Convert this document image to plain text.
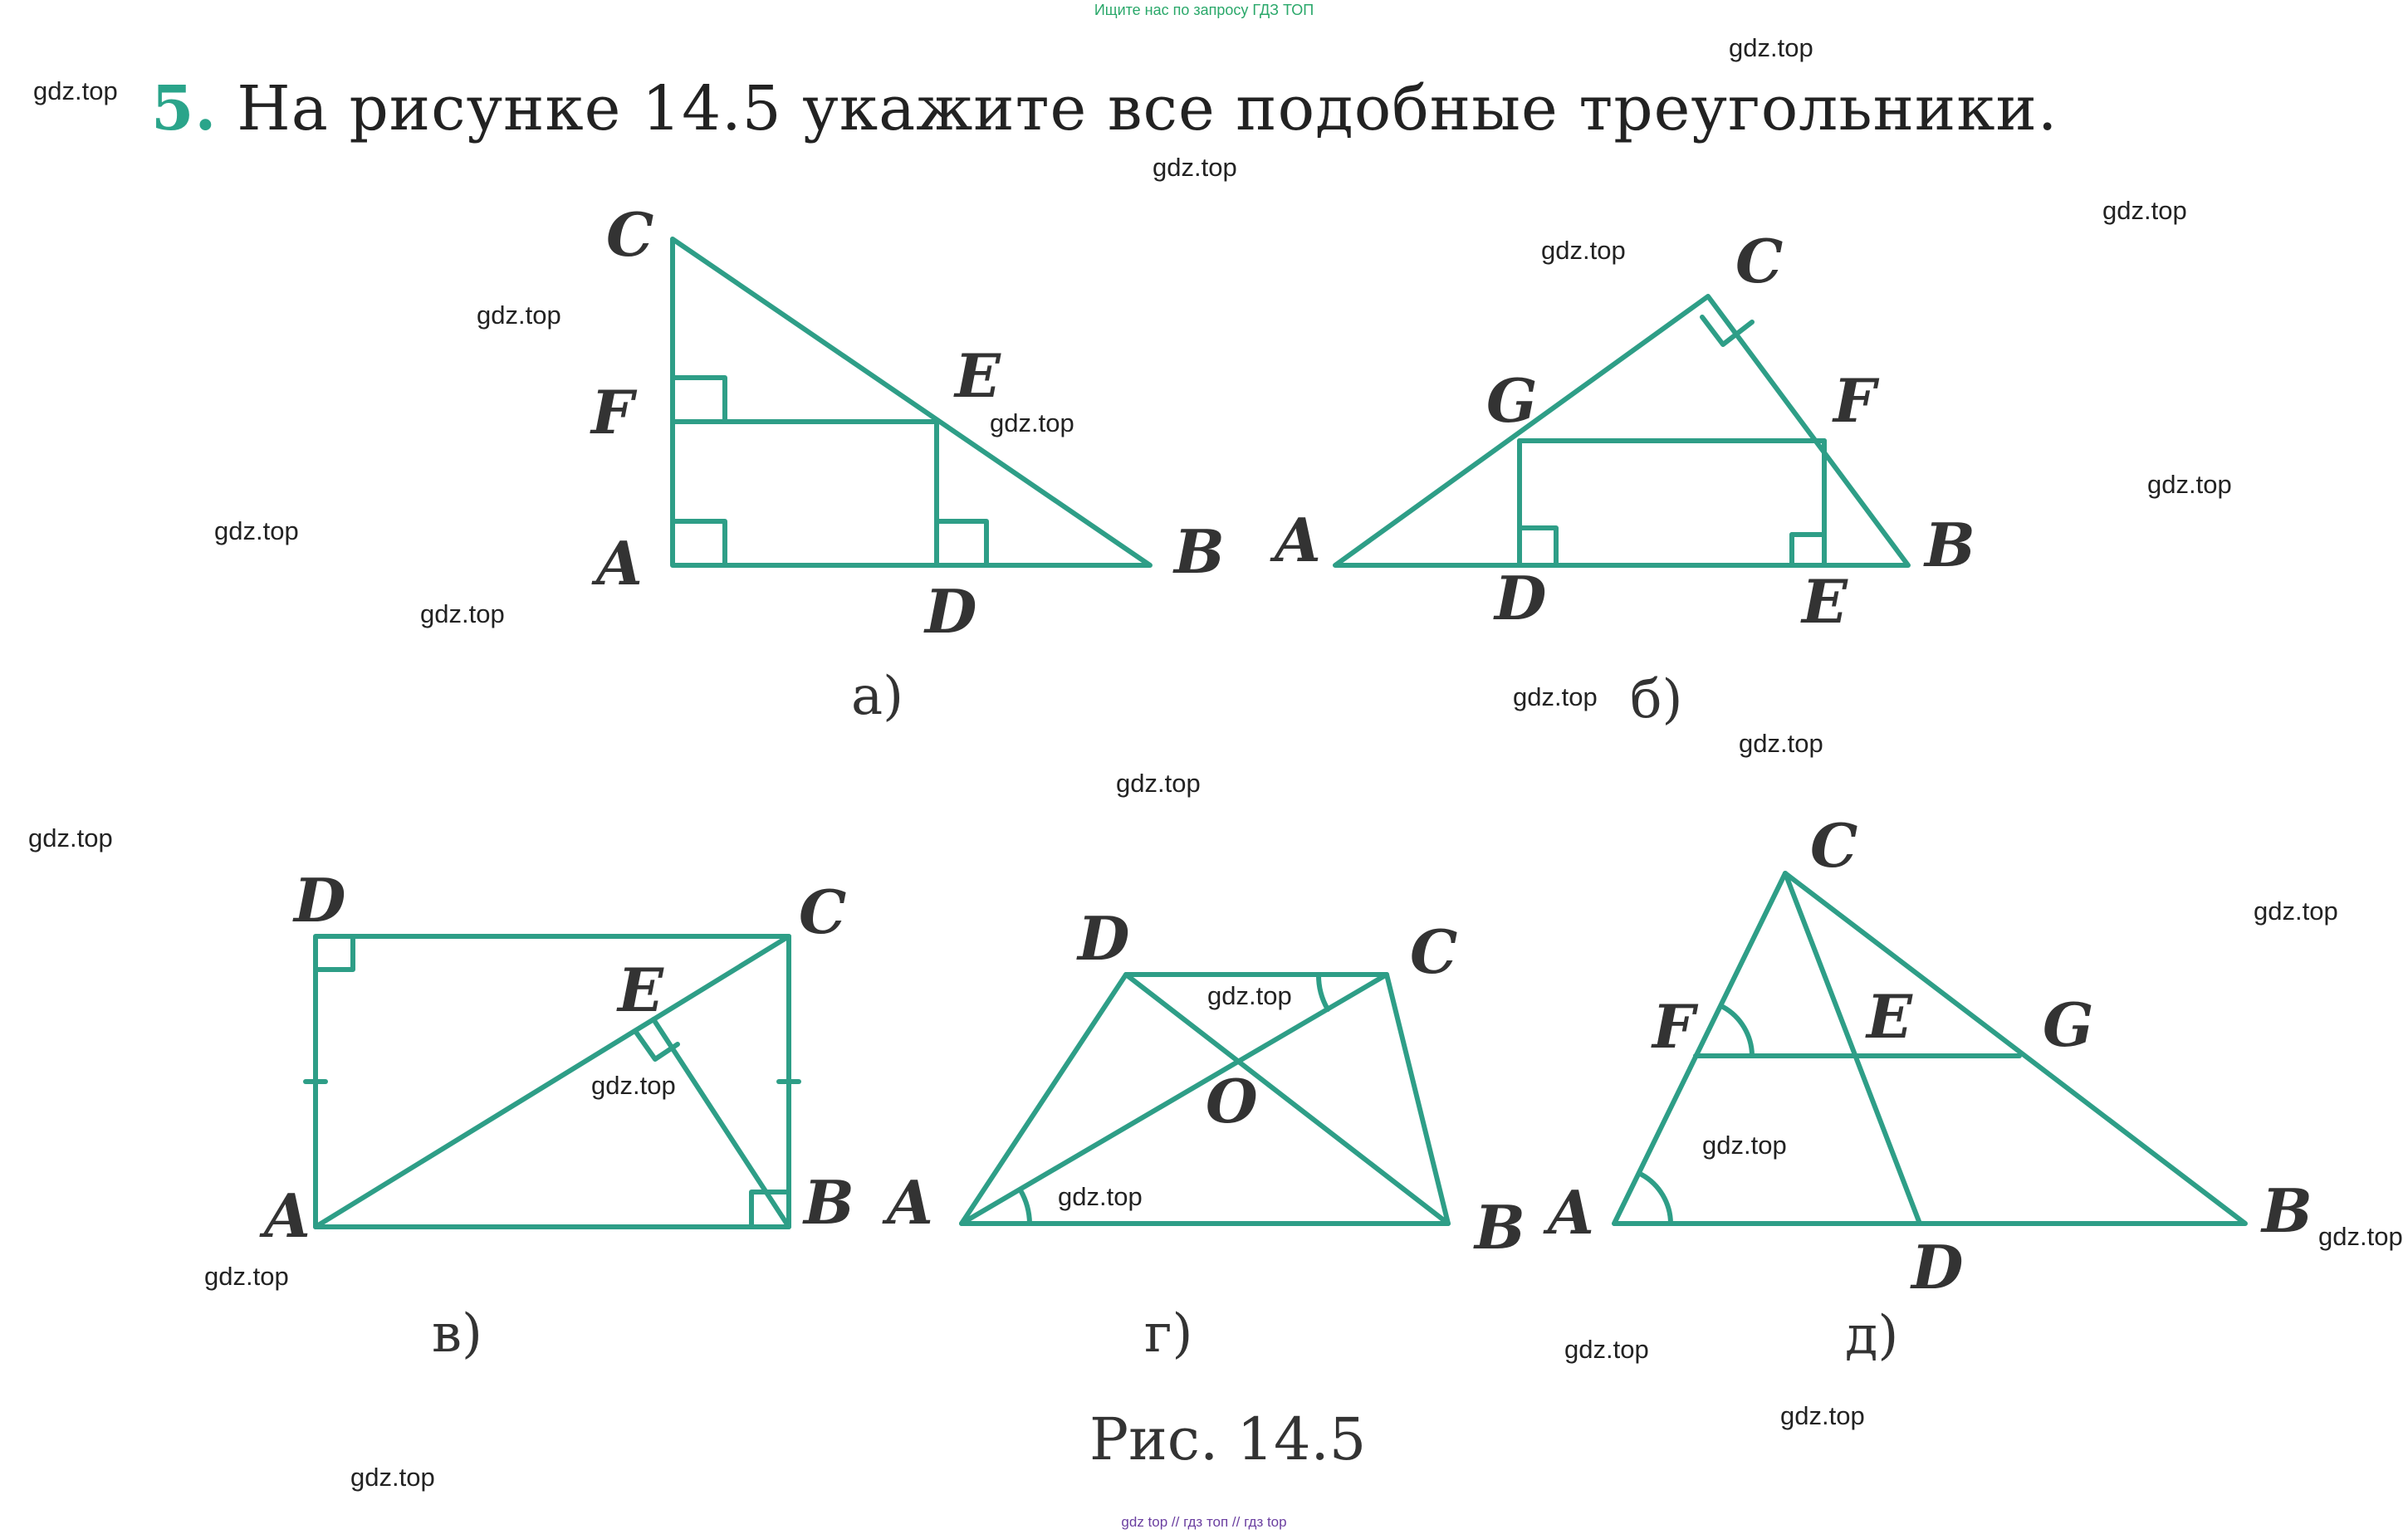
Ищите нас по запросу ГДЗ ТОП
5. На рисунке 14.5 укажите все подобные треугольники.
gdz.top
gdz.top
gdz.top
gdz.top
gdz.top
gdz.top
gdz.top
gdz.top
gdz.top
gdz.top
gdz.top
gdz.top
gdz.top
gdz.top
gdz.top
gdz.top
gdz.top
gdz.top
gdz.top
gdz.top
gdz.top
gdz.top
gdz.top
gdz.top
C
E
F
A
D
B
а)
C
G	F
A	B
D	E
б)
D	C
E
A	B
в)
D	C
O
A	B
г)
C
F	E G
A	B
D
д)
Рис. 14.5
gdz top // гдз топ // гдз top
